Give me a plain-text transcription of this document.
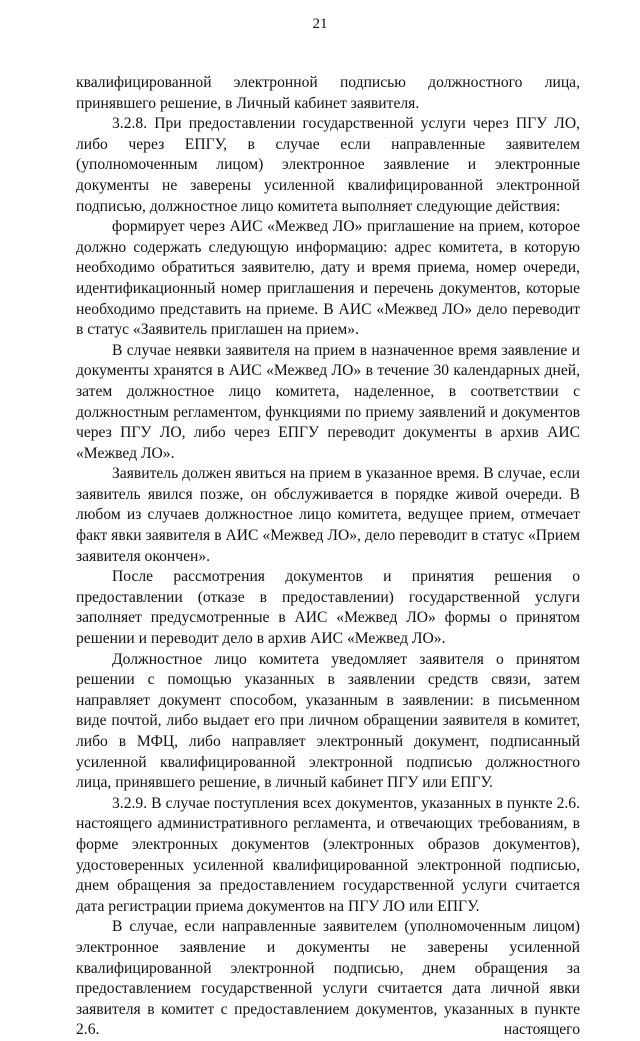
21

квалифицированной электронной подписью должностного лица, принявшего решение, в Личный кабинет заявителя.

3.2.8. При предоставлении государственной услуги через ПГУ ЛО, либо через ЕПГУ, в случае если направленные заявителем (уполномоченным лицом) электронное заявление и электронные документы не заверены усиленной квалифицированной электронной подписью, должностное лицо комитета выполняет следующие действия:

формирует через АИС «Межвед ЛО» приглашение на прием, которое должно содержать следующую информацию: адрес комитета, в которую необходимо обратиться заявителю, дату и время приема, номер очереди, идентификационный номер приглашения и перечень документов, которые необходимо представить на приеме. В АИС «Межвед ЛО» дело переводит в статус «Заявитель приглашен на прием».

В случае неявки заявителя на прием в назначенное время заявление и документы хранятся в АИС «Межвед ЛО» в течение 30 календарных дней, затем должностное лицо комитета, наделенное, в соответствии с должностным регламентом, функциями по приему заявлений и документов через ПГУ ЛО, либо через ЕПГУ переводит документы в архив АИС «Межвед ЛО».

Заявитель должен явиться на прием в указанное время. В случае, если заявитель явился позже, он обслуживается в порядке живой очереди. В любом из случаев должностное лицо комитета, ведущее прием, отмечает факт явки заявителя в АИС «Межвед ЛО», дело переводит в статус «Прием заявителя окончен».

После рассмотрения документов и принятия решения о предоставлении (отказе в предоставлении) государственной услуги заполняет предусмотренные в АИС «Межвед ЛО» формы о принятом решении и переводит дело в архив АИС «Межвед ЛО».

Должностное лицо комитета уведомляет заявителя о принятом решении с помощью указанных в заявлении средств связи, затем направляет документ способом, указанным в заявлении: в письменном виде почтой, либо выдает его при личном обращении заявителя в комитет, либо в МФЦ, либо направляет электронный документ, подписанный усиленной квалифицированной электронной подписью должностного лица, принявшего решение, в личный кабинет ПГУ или ЕПГУ.

3.2.9. В случае поступления всех документов, указанных в пункте 2.6. настоящего административного регламента, и отвечающих требованиям, в форме электронных документов (электронных образов документов), удостоверенных усиленной квалифицированной электронной подписью, днем обращения за предоставлением государственной услуги считается дата регистрации приема документов на ПГУ ЛО или ЕПГУ.

В случае, если направленные заявителем (уполномоченным лицом) электронное заявление и документы не заверены усиленной квалифицированной электронной подписью, днем обращения за предоставлением государственной услуги считается дата личной явки заявителя в комитет с предоставлением документов, указанных в пункте 2.6. настоящего
